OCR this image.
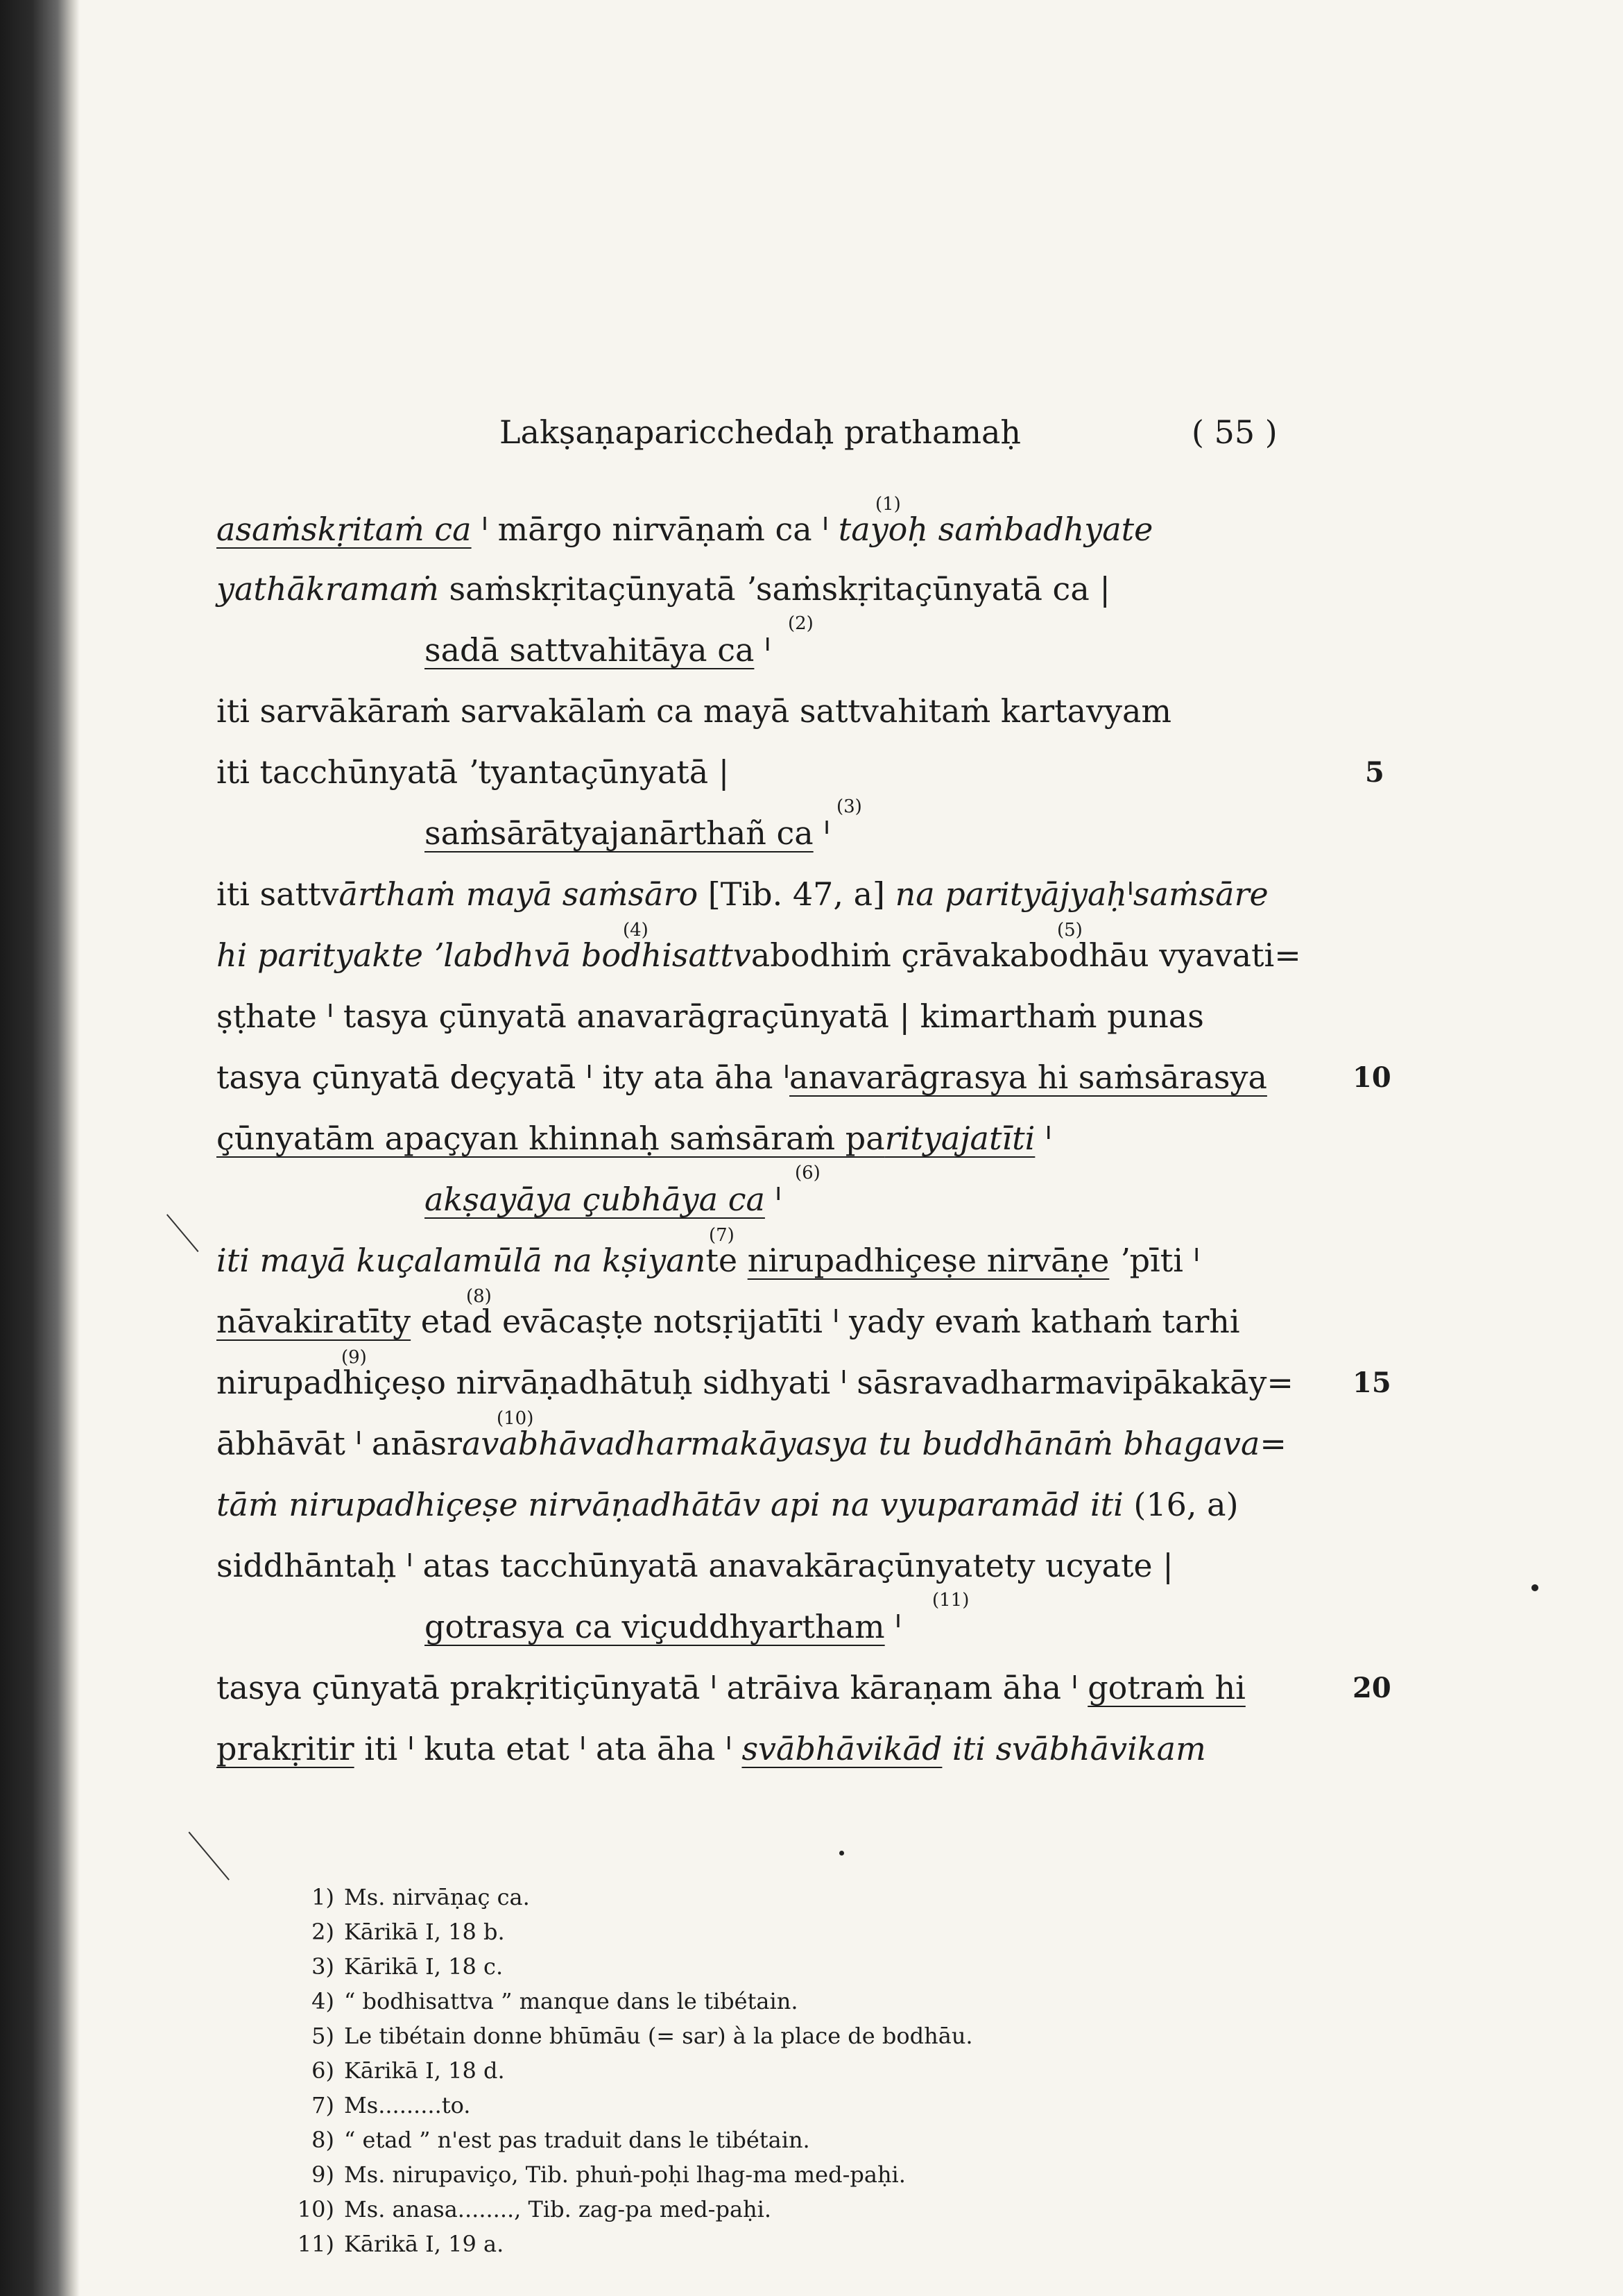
Lakṣaṇaparicchedaḥ prathamaḥ	( 55 )
asaṁskṛitaṁ ca ᑊ mārgo nirvāṇaṁ ca ᑊ tayoḥ saṁbadhyate
yathākramaṁ saṁskṛitaçūnyatā ʼsaṁskṛitaçūnyatā ca |
sadā sattvahitāya ca ᑊ
iti sarvākāraṁ sarvakālaṁ ca mayā sattvahitaṁ kartavyam
iti tacchūnyatā ʼtyantaçūnyatā |
saṁsārātyajanārthañ ca ᑊ
iti sattvārthaṁ mayā saṁsāro [Tib. 47, a] na parityājyaḥᑊsaṁsāre
hi parityakte ʼlabdhvā bodhisattvabodhiṁ çrāvakabodhāu vyavati=
ṣṭhate ᑊ tasya çūnyatā anavarāgraçūnyatā | kimarthaṁ punas
tasya çūnyatā deçyatā ᑊ ity ata āha ᑊanavarāgrasya hi saṁsārasya
çūnyatām apaçyan khinnaḥ saṁsāraṁ parityajatīti ᑊ
akṣayāya çubhāya ca ᑊ
iti mayā kuçalamūlā na kṣiyante nirupadhiçeṣe nirvāṇe ʼpīti ᑊ
nāvakiratīty etad evācaṣṭe notsṛijatīti ᑊ yady evaṁ kathaṁ tarhi
nirupadhiçeṣo nirvāṇadhātuḥ sidhyati ᑊ sāsravadharmavipākakāy=
ābhāvāt ᑊ anāsravabhāvadharmakāyasya tu buddhānāṁ bhagava=
tāṁ nirupadhiçeṣe nirvāṇadhātāv api na vyuparamād iti (16, a)
siddhāntaḥ ᑊ atas tacchūnyatā anavakāraçūnyatety ucyate |
gotrasya ca viçuddhyartham ᑊ
tasya çūnyatā prakṛitiçūnyatā ᑊ atrāiva kāraṇam āha ᑊ gotraṁ hi
prakṛitir iti ᑊ kuta etat ᑊ ata āha ᑊ svābhāvikād iti svābhāvikam
5
10
15
20
(1)
(2)
(3)
(4)	(5)
(6)
(7)
(8)
(9)
(10)
(11)
1) Ms. nirvāṇaç ca.
2) Kārikā I, 18 b.
3) Kārikā I, 18 c.
4) “ bodhisattva ” manque dans le tibétain.
5) Le tibétain donne bhūmāu (= sar) à la place de bodhāu.
6) Kārikā I, 18 d.
7) Ms.........to.
8) “ etad ” n'est pas traduit dans le tibétain.
9) Ms. nirupaviço, Tib. phuṅ-poḥi lhag-ma med-paḥi.
10) Ms. anasa........, Tib. zag-pa med-paḥi.
11) Kārikā I, 19 a.
